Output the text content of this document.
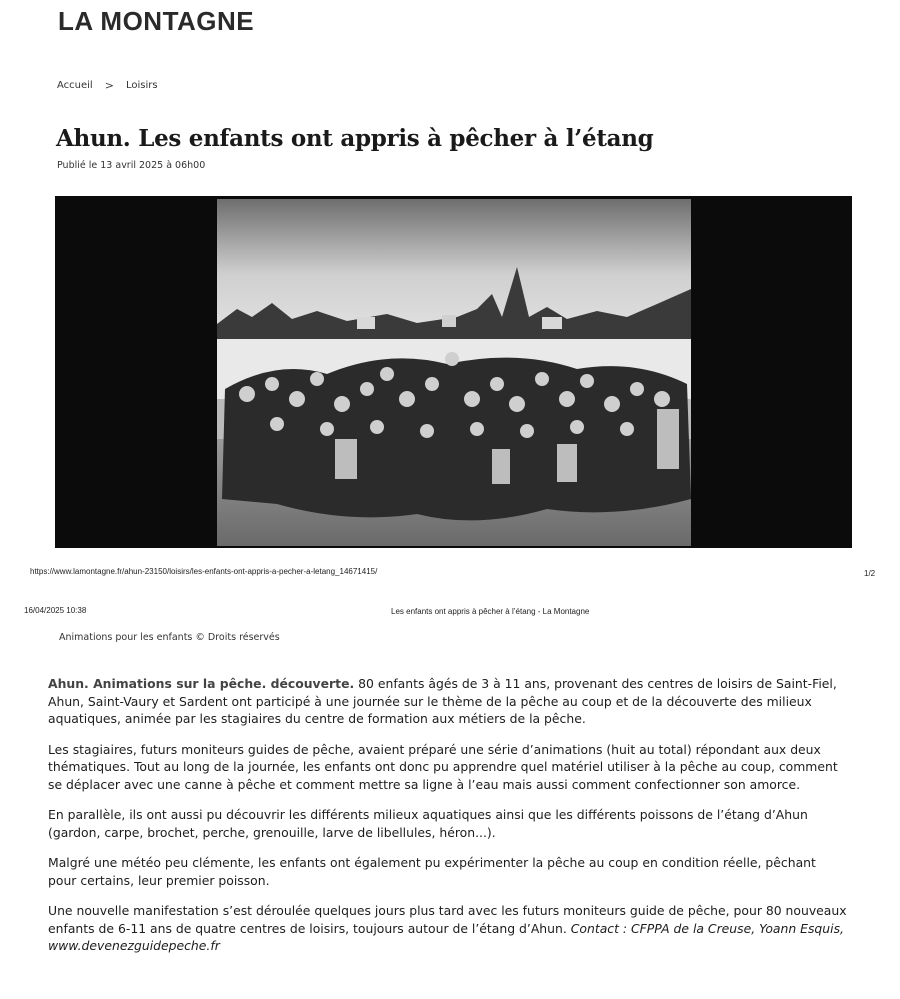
LA MONTAGNE
Accueil > Loisirs
Ahun. Les enfants ont appris à pêcher à l’étang
Publié le 13 avril 2025 à 06h00
https://www.lamontagne.fr/ahun-23150/loisirs/les-enfants-ont-appris-a-pecher-a-letang_14671415/	1/2
16/04/2025 10:38	Les enfants ont appris à pêcher à l’étang - La Montagne
Animations pour les enfants © Droits réservés

Ahun. Animations sur la pêche. découverte. 80 enfants âgés de 3 à 11 ans, provenant des centres de loisirs de Saint-Fiel, Ahun, Saint-Vaury et Sardent ont participé à une journée sur le thème de la pêche au coup et de la découverte des milieux aquatiques, animée par les stagiaires du centre de formation aux métiers de la pêche.

Les stagiaires, futurs moniteurs guides de pêche, avaient préparé une série d’animations (huit au total) répondant aux deux thématiques. Tout au long de la journée, les enfants ont donc pu apprendre quel matériel utiliser à la pêche au coup, comment se déplacer avec une canne à pêche et comment mettre sa ligne à l’eau mais aussi comment confectionner son amorce.

En parallèle, ils ont aussi pu découvrir les différents milieux aquatiques ainsi que les différents poissons de l’étang d’Ahun (gardon, carpe, brochet, perche, grenouille, larve de libellules, héron...).

Malgré une météo peu clémente, les enfants ont également pu expérimenter la pêche au coup en condition réelle, pêchant pour certains, leur premier poisson.

Une nouvelle manifestation s’est déroulée quelques jours plus tard avec les futurs moniteurs guide de pêche, pour 80 nouveaux enfants de 6-11 ans de quatre centres de loisirs, toujours autour de l’étang d’Ahun. Contact : CFPPA de la Creuse, Yoann Esquis, www.devenezguidepeche.fr
